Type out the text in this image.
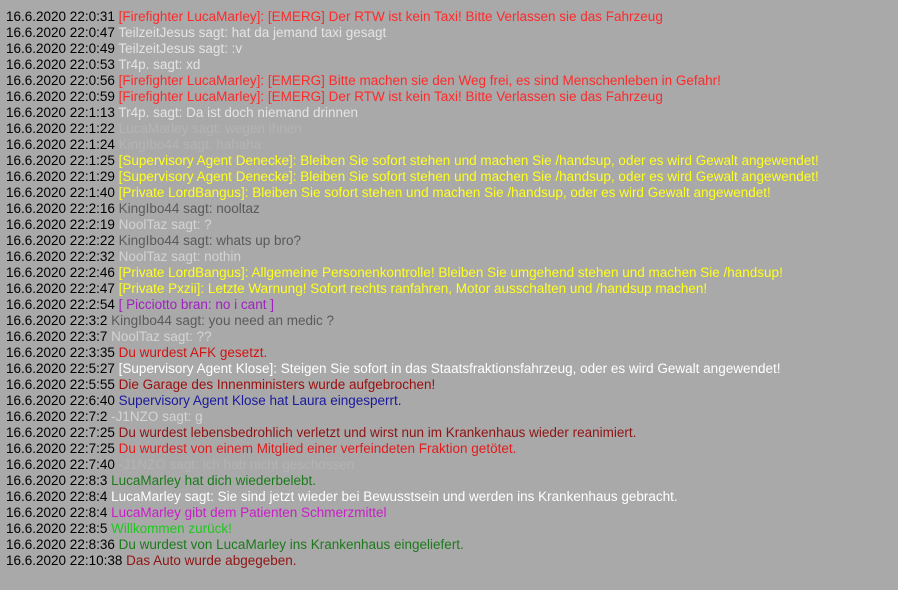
16.6.2020 22:0:31 [Firefighter LucaMarley]: [EMERG] Der RTW ist kein Taxi! Bitte Verlassen sie das Fahrzeug
16.6.2020 22:0:47 TeilzeitJesus sagt: hat da jemand taxi gesagt
16.6.2020 22:0:49 TeilzeitJesus sagt: :v
16.6.2020 22:0:53 Tr4p. sagt: xd
16.6.2020 22:0:56 [Firefighter LucaMarley]: [EMERG] Bitte machen sie den Weg frei, es sind Menschenleben in Gefahr!
16.6.2020 22:0:59 [Firefighter LucaMarley]: [EMERG] Der RTW ist kein Taxi! Bitte Verlassen sie das Fahrzeug
16.6.2020 22:1:13 Tr4p. sagt: Da ist doch niemand drinnen
16.6.2020 22:1:22 LucaMarley sagt: wegen ihnen
16.6.2020 22:1:24 KingIbo44 sagt: hahaha
16.6.2020 22:1:25 [Supervisory Agent Denecke]: Bleiben Sie sofort stehen und machen Sie /handsup, oder es wird Gewalt angewendet!
16.6.2020 22:1:29 [Supervisory Agent Denecke]: Bleiben Sie sofort stehen und machen Sie /handsup, oder es wird Gewalt angewendet!
16.6.2020 22:1:40 [Private LordBangus]: Bleiben Sie sofort stehen und machen Sie /handsup, oder es wird Gewalt angewendet!
16.6.2020 22:2:16 KingIbo44 sagt: nooltaz
16.6.2020 22:2:19 NoolTaz sagt: ?
16.6.2020 22:2:22 KingIbo44 sagt: whats up bro?
16.6.2020 22:2:32 NoolTaz sagt: nothin
16.6.2020 22:2:46 [Private LordBangus]: Allgemeine Personenkontrolle! Bleiben Sie umgehend stehen und machen Sie /handsup!
16.6.2020 22:2:47 [Private Pxzii]: Letzte Warnung! Sofort rechts ranfahren, Motor ausschalten und /handsup machen!
16.6.2020 22:2:54 [ Picciotto bran: no i cant ]
16.6.2020 22:3:2 KingIbo44 sagt: you need an medic ?
16.6.2020 22:3:7 NoolTaz sagt: ??
16.6.2020 22:3:35 Du wurdest AFK gesetzt.
16.6.2020 22:5:27 [Supervisory Agent Klose]: Steigen Sie sofort in das Staatsfraktionsfahrzeug, oder es wird Gewalt angewendet!
16.6.2020 22:5:55 Die Garage des Innenministers wurde aufgebrochen!
16.6.2020 22:6:40 Supervisory Agent Klose hat Laura eingesperrt.
16.6.2020 22:7:2 -J1NZO sagt: g
16.6.2020 22:7:25 Du wurdest lebensbedrohlich verletzt und wirst nun im Krankenhaus wieder reanimiert.
16.6.2020 22:7:25 Du wurdest von einem Mitglied einer verfeindeten Fraktion getötet.
16.6.2020 22:7:40 -J1NZO sagt: ich hab nicht geschossen
16.6.2020 22:8:3 LucaMarley hat dich wiederbelebt.
16.6.2020 22:8:4 LucaMarley sagt: Sie sind jetzt wieder bei Bewusstsein und werden ins Krankenhaus gebracht.
16.6.2020 22:8:4 LucaMarley gibt dem Patienten Schmerzmittel
16.6.2020 22:8:5 Willkommen zurück!
16.6.2020 22:8:36 Du wurdest von LucaMarley ins Krankenhaus eingeliefert.
16.6.2020 22:10:38 Das Auto wurde abgegeben.
